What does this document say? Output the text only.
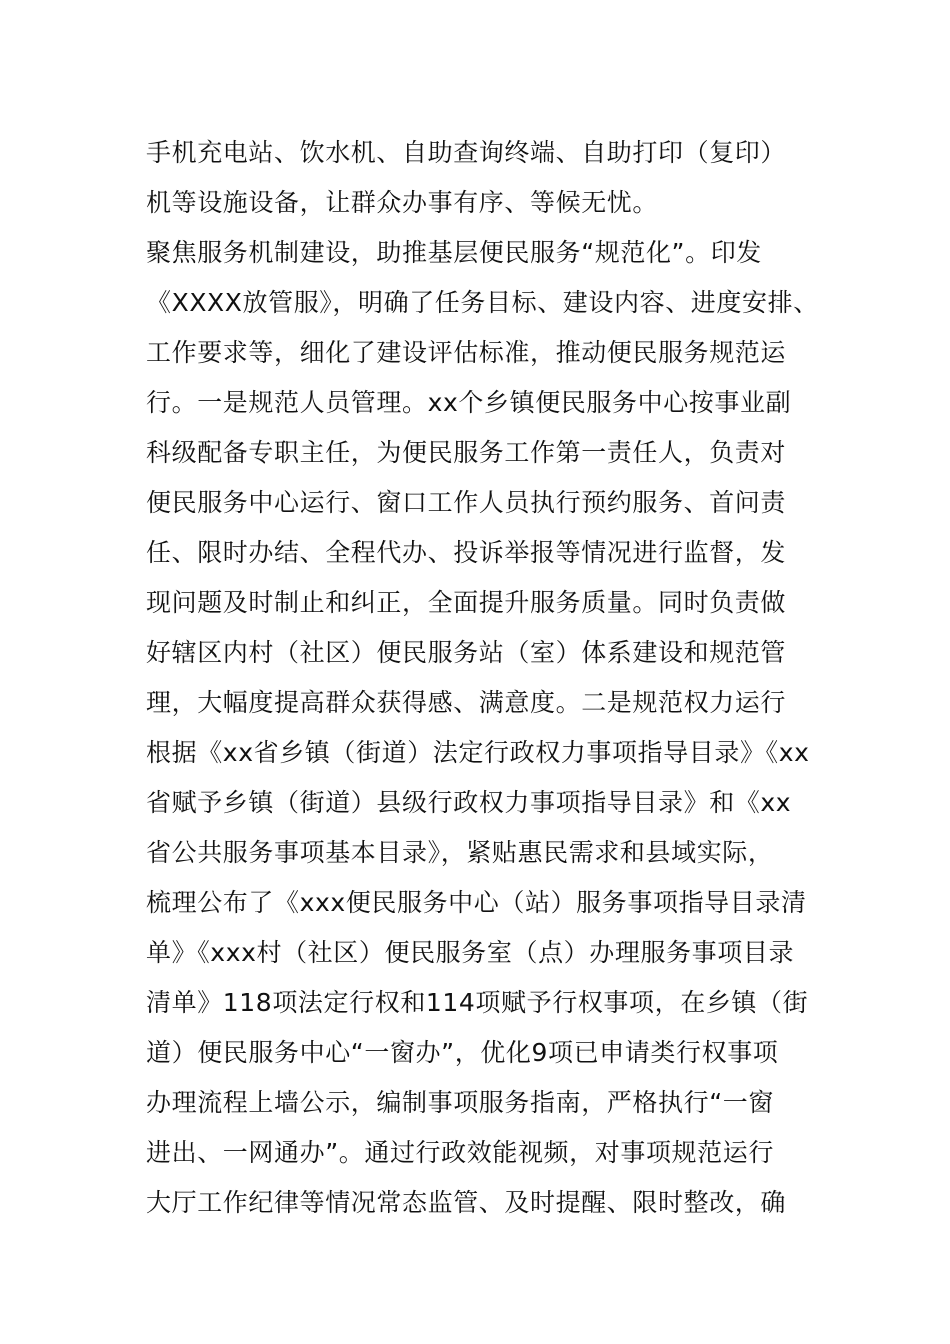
手机充电站、饮水机、自助查询终端、自助打印（复印）
机等设施设备，让群众办事有序、等候无忧。
聚焦服务机制建设，助推基层便民服务“规范化”。印发
《XXXX放管服》，明确了任务目标、建设内容、进度安排、
工作要求等，细化了建设评估标准，推动便民服务规范运
行。一是规范人员管理。xx个乡镇便民服务中心按事业副
科级配备专职主任，为便民服务工作第一责任人，负责对
便民服务中心运行、窗口工作人员执行预约服务、首问责
任、限时办结、全程代办、投诉举报等情况进行监督，发
现问题及时制止和纠正，全面提升服务质量。同时负责做
好辖区内村（社区）便民服务站（室）体系建设和规范管
理，大幅度提高群众获得感、满意度。二是规范权力运行
根据《xx省乡镇（街道）法定行政权力事项指导目录》《xx
省赋予乡镇（街道）县级行政权力事项指导目录》和《xx
省公共服务事项基本目录》，紧贴惠民需求和县域实际，
梳理公布了《xxx便民服务中心（站）服务事项指导目录清
单》《xxx村（社区）便民服务室（点）办理服务事项目录
清单》118项法定行权和114项赋予行权事项，在乡镇（街
道）便民服务中心“一窗办”，优化9项已申请类行权事项
办理流程上墙公示，编制事项服务指南，严格执行“一窗
进出、一网通办”。通过行政效能视频，对事项规范运行
大厅工作纪律等情况常态监管、及时提醒、限时整改，确
